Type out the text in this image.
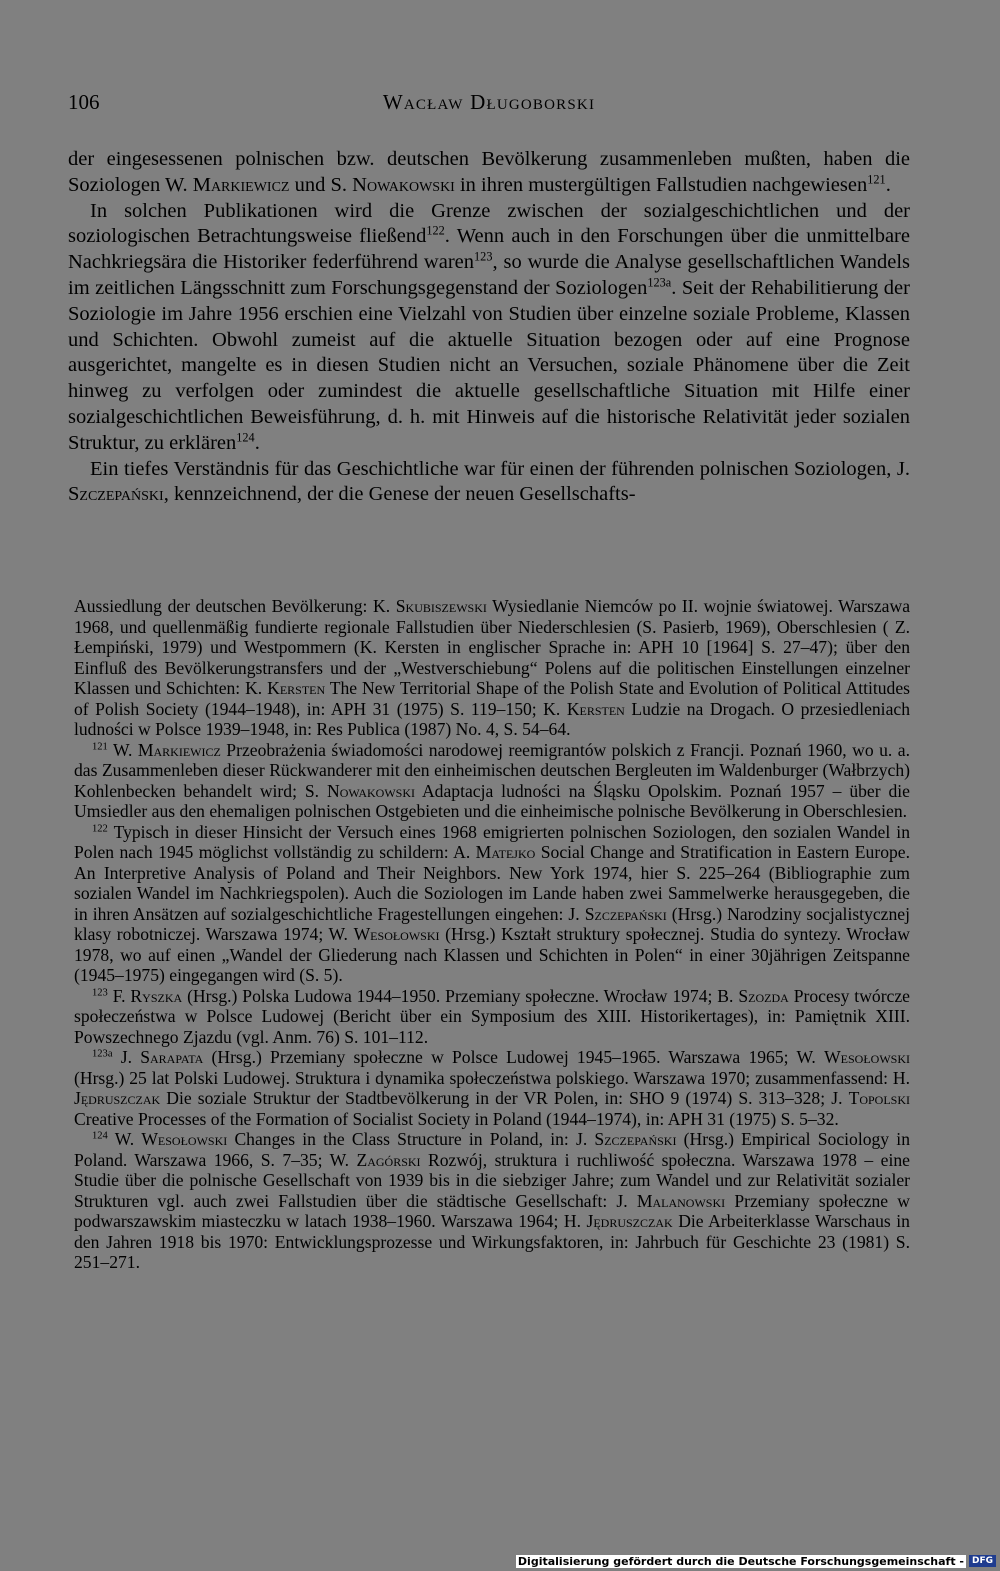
106	Wacław Długoborski

der eingesessenen polnischen bzw. deutschen Bevölkerung zusammenleben mußten, haben die Soziologen W. Markiewicz und S. Nowakowski in ihren mustergültigen Fallstudien nachgewiesen$^{121}$.

In solchen Publikationen wird die Grenze zwischen der sozialgeschichtlichen und der soziologischen Betrachtungsweise fließend$^{122}$. Wenn auch in den Forschungen über die unmittelbare Nachkriegsära die Historiker federführend waren$^{123}$, so wurde die Analyse gesellschaftlichen Wandels im zeitlichen Längsschnitt zum Forschungsgegenstand der Soziologen$^{123a}$. Seit der Rehabilitierung der Soziologie im Jahre 1956 erschien eine Vielzahl von Studien über einzelne soziale Probleme, Klassen und Schichten. Obwohl zumeist auf die aktuelle Situation bezogen oder auf eine Prognose ausgerichtet, mangelte es in diesen Studien nicht an Versuchen, soziale Phänomene über die Zeit hinweg zu verfolgen oder zumindest die aktuelle gesellschaftliche Situation mit Hilfe einer sozialgeschichtlichen Beweisführung, d. h. mit Hinweis auf die historische Relativität jeder sozialen Struktur, zu erklären$^{124}$.

Ein tiefes Verständnis für das Geschichtliche war für einen der führenden polnischen Soziologen, J. Szczepański, kennzeichnend, der die Genese der neuen Gesellschafts-

Aussiedlung der deutschen Bevölkerung: K. Skubiszewski Wysiedlanie Niemców po II. wojnie światowej. Warszawa 1968, und quellenmäßig fundierte regionale Fallstudien über Niederschlesien (S. Pasierb, 1969), Oberschlesien ( Z. Łempiński, 1979) und Westpommern (K. Kersten in englischer Sprache in: APH 10 [1964] S. 27–47); über den Einfluß des Bevölkerungstransfers und der „Westverschiebung“ Polens auf die politischen Einstellungen einzelner Klassen und Schichten: K. Kersten The New Territorial Shape of the Polish State and Evolution of Political Attitudes of Polish Society (1944–1948), in: APH 31 (1975) S. 119–150; K. Kersten Ludzie na Drogach. O przesiedleniach ludności w Polsce 1939–1948, in: Res Publica (1987) No. 4, S. 54–64.

$^{121}$ W. Markiewicz Przeobrażenia świadomości narodowej reemigrantów polskich z Francji. Poznań 1960, wo u. a. das Zusammenleben dieser Rückwanderer mit den einheimischen deutschen Bergleuten im Waldenburger (Wałbrzych) Kohlenbecken behandelt wird; S. Nowakowski Adaptacja ludności na Śląsku Opolskim. Poznań 1957 – über die Umsiedler aus den ehemaligen polnischen Ostgebieten und die einheimische polnische Bevölkerung in Oberschlesien.

$^{122}$ Typisch in dieser Hinsicht der Versuch eines 1968 emigrierten polnischen Soziologen, den sozialen Wandel in Polen nach 1945 möglichst vollständig zu schildern: A. Matejko Social Change and Stratification in Eastern Europe. An Interpretive Analysis of Poland and Their Neighbors. New York 1974, hier S. 225–264 (Bibliographie zum sozialen Wandel im Nachkriegspolen). Auch die Soziologen im Lande haben zwei Sammelwerke herausgegeben, die in ihren Ansätzen auf sozialgeschichtliche Fragestellungen eingehen: J. Szczepański (Hrsg.) Narodziny socjalistycznej klasy robotniczej. Warszawa 1974; W. Wesołowski (Hrsg.) Kształt struktury społecznej. Studia do syntezy. Wrocław 1978, wo auf einen „Wandel der Gliederung nach Klassen und Schichten in Polen“ in einer 30jährigen Zeitspanne (1945–1975) eingegangen wird (S. 5).

$^{123}$ F. Ryszka (Hrsg.) Polska Ludowa 1944–1950. Przemiany społeczne. Wrocław 1974; B. Szozda Procesy twórcze społeczeństwa w Polsce Ludowej (Bericht über ein Symposium des XIII. Historikertages), in: Pamiętnik XIII. Powszechnego Zjazdu (vgl. Anm. 76) S. 101–112.

$^{123a}$ J. Sarapata (Hrsg.) Przemiany społeczne w Polsce Ludowej 1945–1965. Warszawa 1965; W. Wesołowski (Hrsg.) 25 lat Polski Ludowej. Struktura i dynamika społeczeństwa polskiego. Warszawa 1970; zusammenfassend: H. Jędruszczak Die soziale Struktur der Stadtbevölkerung in der VR Polen, in: SHO 9 (1974) S. 313–328; J. Topolski Creative Processes of the Formation of Socialist Society in Poland (1944–1974), in: APH 31 (1975) S. 5–32.

$^{124}$ W. Wesołowski Changes in the Class Structure in Poland, in: J. Szczepański (Hrsg.) Empirical Sociology in Poland. Warszawa 1966, S. 7–35; W. Zagórski Rozwój, struktura i ruchliwość społeczna. Warszawa 1978 – eine Studie über die polnische Gesellschaft von 1939 bis in die siebziger Jahre; zum Wandel und zur Relativität sozialer Strukturen vgl. auch zwei Fallstudien über die städtische Gesellschaft: J. Malanowski Przemiany społeczne w podwarszawskim miasteczku w latach 1938–1960. Warszawa 1964; H. Jędruszczak Die Arbeiterklasse Warschaus in den Jahren 1918 bis 1970: Entwicklungsprozesse und Wirkungsfaktoren, in: Jahrbuch für Geschichte 23 (1981) S. 251–271.

Digitalisierung gefördert durch die Deutsche Forschungsgemeinschaft - DFG
